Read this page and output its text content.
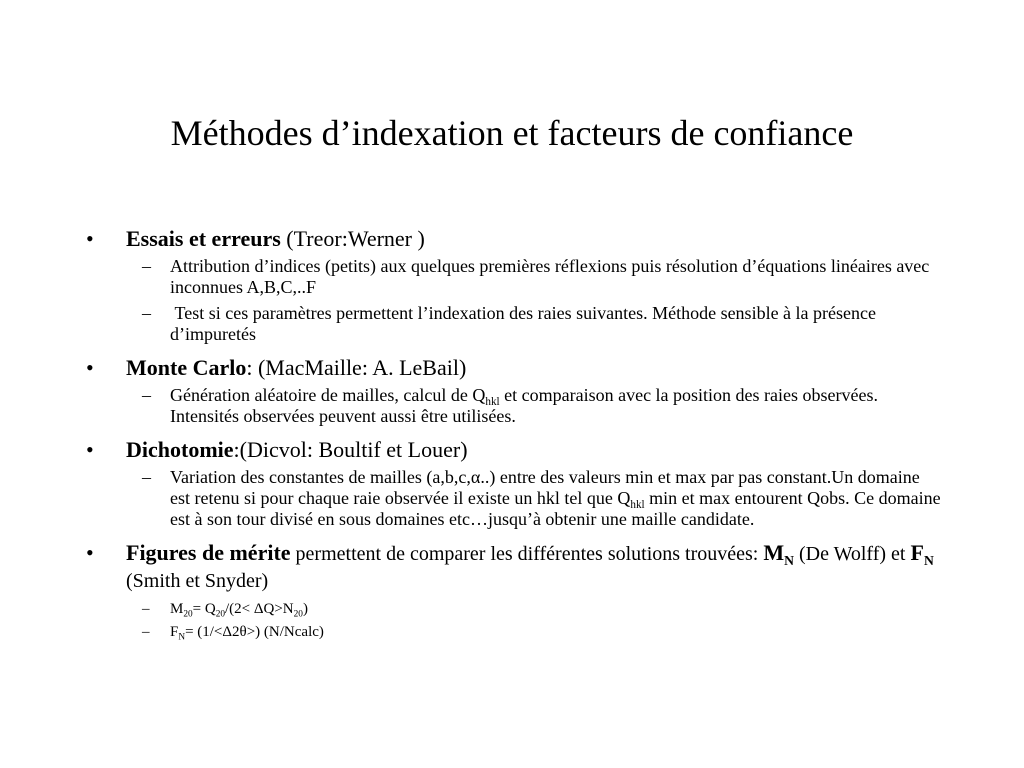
Méthodes d’indexation et facteurs de confiance
• Essais et erreurs (Treor:Werner )
– Attribution d’indices (petits) aux quelques premières réflexions puis résolution d’équations linéaires avec inconnues A,B,C,..F
– Test si ces paramètres permettent l’indexation des raies suivantes. Méthode sensible à la présence d’impuretés
• Monte Carlo: (MacMaille: A. LeBail)
– Génération aléatoire de mailles, calcul de $Q_{hkl}$ et comparaison avec la position des raies observées. Intensités observées peuvent aussi être utilisées.
• Dichotomie:(Dicvol: Boultif et Louer)
– Variation des constantes de mailles (a,b,c,α..) entre des valeurs min et max par pas constant.Un domaine est retenu si pour chaque raie observée il existe un hkl tel que $Q_{hkl}$ min et max entourent Qobs. Ce domaine est à son tour divisé en sous domaines etc…jusqu’à obtenir une maille candidate.
• Figures de mérite permettent de comparer les différentes solutions trouvées: $M_N$ (De Wolff) et $F_N$ (Smith et Snyder)
– $M_{20}= Q_{20}/(2< \Delta Q>N_{20})$
– $F_N= (1/<\Delta 2\theta>)$ (N/Ncalc)
